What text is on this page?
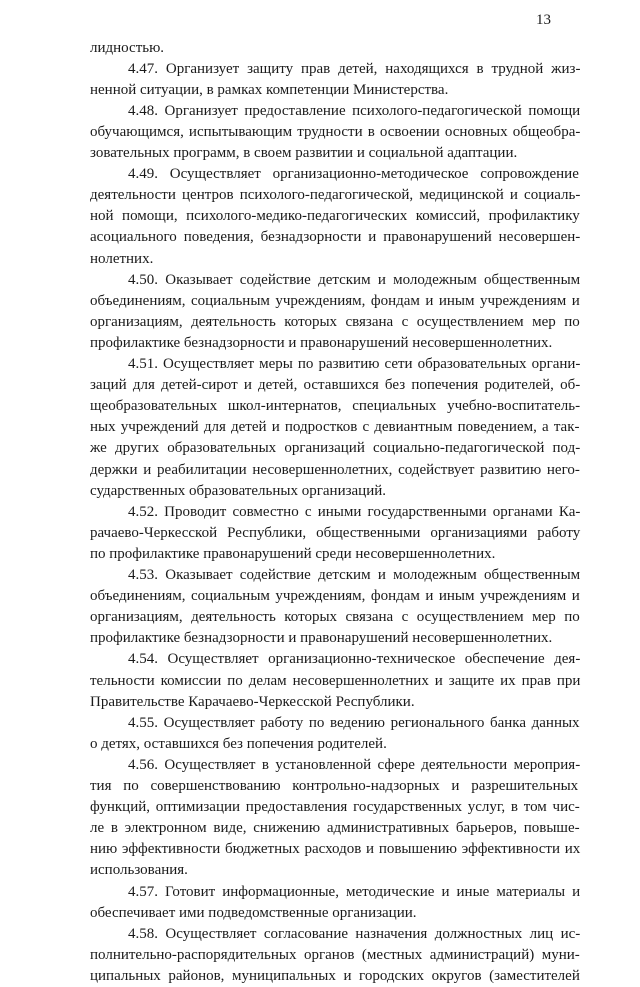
13
лидностью.
4.47. Организует защиту прав детей, находящихся в трудной жиз-
ненной ситуации, в рамках компетенции Министерства.
4.48. Организует предоставление психолого-педагогической помощи
обучающимся, испытывающим трудности в освоении основных общеобра-
зовательных программ, в своем развитии и социальной адаптации.
4.49. Осуществляет организационно-методическое сопровождение
деятельности центров психолого-педагогической, медицинской и социаль-
ной помощи, психолого-медико-педагогических комиссий, профилактику
асоциального поведения, безнадзорности и правонарушений несовершен-
нолетних.
4.50. Оказывает содействие детским и молодежным общественным
объединениям, социальным учреждениям, фондам и иным учреждениям и
организациям, деятельность которых связана с осуществлением мер по
профилактике безнадзорности и правонарушений несовершеннолетних.
4.51. Осуществляет меры по развитию сети образовательных органи-
заций для детей-сирот и детей, оставшихся без попечения родителей, об-
щеобразовательных школ-интернатов, специальных учебно-воспитатель-
ных учреждений для детей и подростков с девиантным поведением, а так-
же других образовательных организаций социально-педагогической под-
держки и реабилитации несовершеннолетних, содействует развитию него-
сударственных образовательных организаций.
4.52. Проводит совместно с иными государственными органами Ка-
рачаево-Черкесской Республики, общественными организациями работу
по профилактике правонарушений среди несовершеннолетних.
4.53. Оказывает содействие детским и молодежным общественным
объединениям, социальным учреждениям, фондам и иным учреждениям и
организациям, деятельность которых связана с осуществлением мер по
профилактике безнадзорности и правонарушений несовершеннолетних.
4.54. Осуществляет организационно-техническое обеспечение дея-
тельности комиссии по делам несовершеннолетних и защите их прав при
Правительстве Карачаево-Черкесской Республики.
4.55. Осуществляет работу по ведению регионального банка данных
о детях, оставшихся без попечения родителей.
4.56. Осуществляет в установленной сфере деятельности мероприя-
тия по совершенствованию контрольно-надзорных и разрешительных
функций, оптимизации предоставления государственных услуг, в том чис-
ле в электронном виде, снижению административных барьеров, повыше-
нию эффективности бюджетных расходов и повышению эффективности их
использования.
4.57. Готовит информационные, методические и иные материалы и
обеспечивает ими подведомственные организации.
4.58. Осуществляет согласование назначения должностных лиц ис-
полнительно-распорядительных органов (местных администраций) муни-
ципальных районов, муниципальных и городских округов (заместителей
